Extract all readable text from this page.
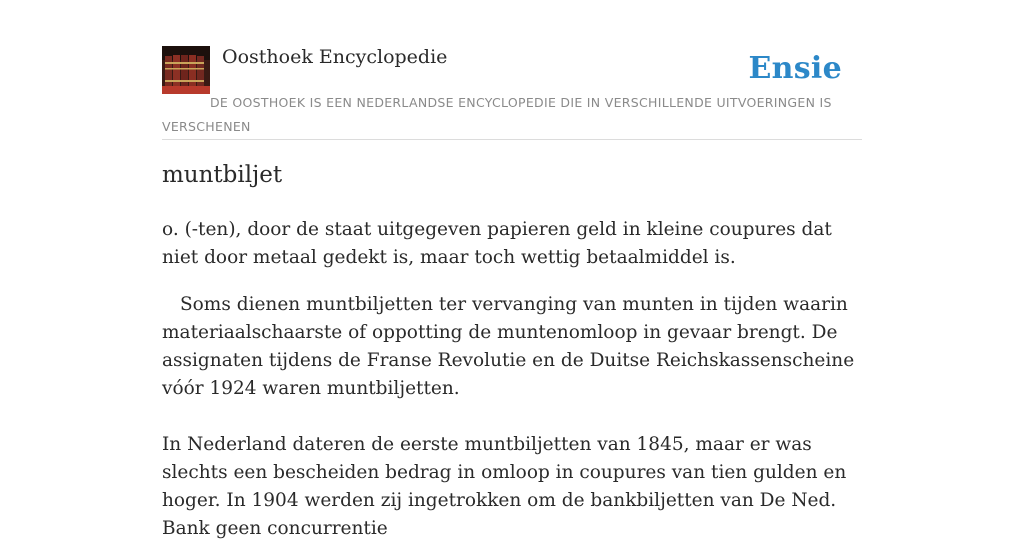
Oosthoek Encyclopedie	Ensie
DE OOSTHOEK IS EEN NEDERLANDSE ENCYCLOPEDIE DIE IN VERSCHILLENDE UITVOERINGEN IS VERSCHENEN
muntbiljet

o. (-ten), door de staat uitgegeven papieren geld in kleine coupures dat niet door metaal gedekt is, maar toch wettig betaalmiddel is.

Soms dienen muntbiljetten ter vervanging van munten in tijden waarin materiaalschaarste of oppotting de muntenomloop in gevaar brengt. De assignaten tijdens de Franse Revolutie en de Duitse Reichskassenscheine vóór 1924 waren muntbiljetten.

In Nederland dateren de eerste muntbiljetten van 1845, maar er was slechts een bescheiden bedrag in omloop in coupures van tien gulden en hoger. In 1904 werden zij ingetrokken om de bankbiljetten van De Ned. Bank geen concurrentie
